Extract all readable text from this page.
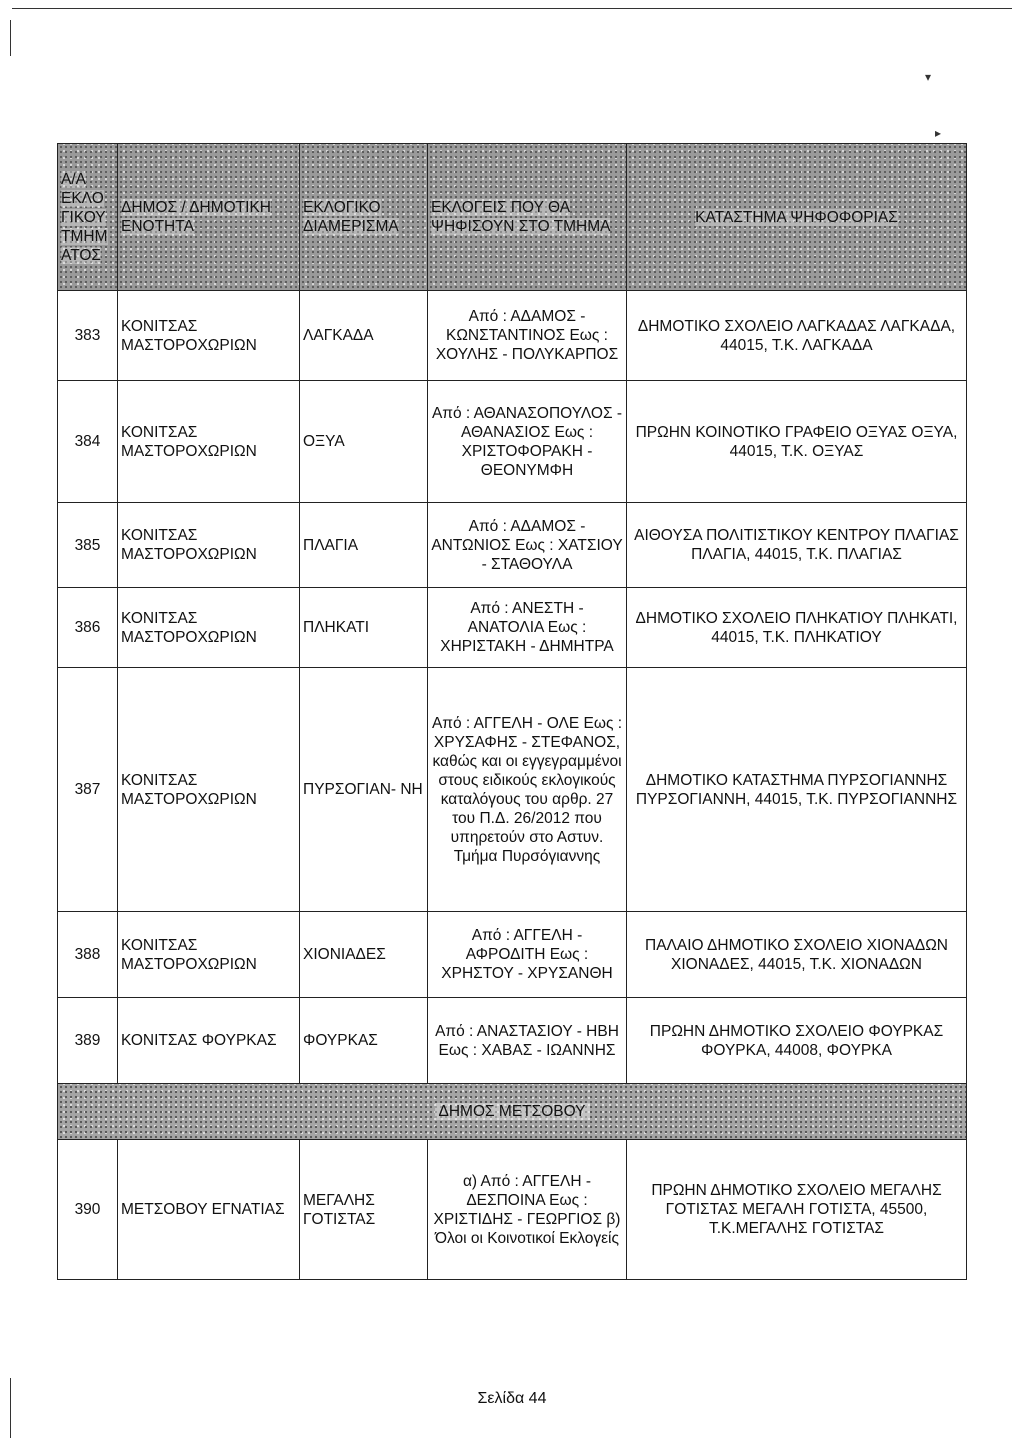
▾
▸
Α/Α ΕΚΛΟ ΓΙΚΟΥ ΤΜΗΜ ΑΤΟΣ	ΔΗΜΟΣ / ΔΗΜΟΤΙΚΗ ΕΝΟΤΗΤΑ	ΕΚΛΟΓΙΚΟ ΔΙΑΜΕΡΙΣΜΑ	ΕΚΛΟΓΕΙΣ ΠΟΥ ΘΑ ΨΗΦΙΣΟΥΝ ΣΤΟ ΤΜΗΜΑ	ΚΑΤΑΣΤΗΜΑ ΨΗΦΟΦΟΡΙΑΣ
383	ΚΟΝΙΤΣΑΣ ΜΑΣΤΟΡΟΧΩΡΙΩΝ	ΛΑΓΚΑΔΑ	Από : ΑΔΑΜΟΣ - ΚΩΝΣΤΑΝΤΙΝΟΣ Εως : ΧΟΥΛΗΣ - ΠΟΛΥΚΑΡΠΟΣ	ΔΗΜΟΤΙΚΟ ΣΧΟΛΕΙΟ ΛΑΓΚΑΔΑΣ ΛΑΓΚΑΔΑ, 44015, Τ.Κ. ΛΑΓΚΑΔΑ
384	ΚΟΝΙΤΣΑΣ ΜΑΣΤΟΡΟΧΩΡΙΩΝ	ΟΞΥΑ	Από : ΑΘΑΝΑΣΟΠΟΥΛΟΣ - ΑΘΑΝΑΣΙΟΣ Εως : ΧΡΙΣΤΟΦΟΡΑΚΗ - ΘΕΟΝΥΜΦΗ	ΠΡΩΗΝ ΚΟΙΝΟΤΙΚΟ ΓΡΑΦΕΙΟ ΟΞΥΑΣ ΟΞΥΑ, 44015, Τ.Κ. ΟΞΥΑΣ
385	ΚΟΝΙΤΣΑΣ ΜΑΣΤΟΡΟΧΩΡΙΩΝ	ΠΛΑΓΙΑ	Από : ΑΔΑΜΟΣ - ΑΝΤΩΝΙΟΣ Εως : ΧΑΤΣΙΟΥ - ΣΤΑΘΟΥΛΑ	ΑΙΘΟΥΣΑ ΠΟΛΙΤΙΣΤΙΚΟΥ ΚΕΝΤΡΟΥ ΠΛΑΓΙΑΣ ΠΛΑΓΙΑ, 44015, Τ.Κ. ΠΛΑΓΙΑΣ
386	ΚΟΝΙΤΣΑΣ ΜΑΣΤΟΡΟΧΩΡΙΩΝ	ΠΛΗΚΑΤΙ	Από : ΑΝΕΣΤΗ - ΑΝΑΤΟΛΙΑ Εως : ΧΗΡΙΣΤΑΚΗ - ΔΗΜΗΤΡΑ	ΔΗΜΟΤΙΚΟ ΣΧΟΛΕΙΟ ΠΛΗΚΑΤΙΟΥ ΠΛΗΚΑΤΙ, 44015, Τ.Κ. ΠΛΗΚΑΤΙΟΥ
387	ΚΟΝΙΤΣΑΣ ΜΑΣΤΟΡΟΧΩΡΙΩΝ	ΠΥΡΣΟΓΙΑΝ- ΝΗ	Από : ΑΓΓΕΛΗ - ΟΛΕ Εως : ΧΡΥΣΑΦΗΣ - ΣΤΕΦΑΝΟΣ, καθώς και οι εγγεγραμμένοι στους ειδικούς εκλογικούς καταλόγους του αρθρ. 27 του Π.Δ. 26/2012 που υπηρετούν στο Αστυν. Τμήμα Πυρσόγιαννης	ΔΗΜΟΤΙΚΟ ΚΑΤΑΣΤΗΜΑ ΠΥΡΣΟΓΙΑΝΝΗΣ ΠΥΡΣΟΓΙΑΝΝΗ, 44015, Τ.Κ. ΠΥΡΣΟΓΙΑΝΝΗΣ
388	ΚΟΝΙΤΣΑΣ ΜΑΣΤΟΡΟΧΩΡΙΩΝ	ΧΙΟΝΙΑΔΕΣ	Από : ΑΓΓΕΛΗ - ΑΦΡΟΔΙΤΗ Εως : ΧΡΗΣΤΟΥ - ΧΡΥΣΑΝΘΗ	ΠΑΛΑΙΟ ΔΗΜΟΤΙΚΟ ΣΧΟΛΕΙΟ ΧΙΟΝΑΔΩΝ ΧΙΟΝΑΔΕΣ, 44015, Τ.Κ. ΧΙΟΝΑΔΩΝ
389	ΚΟΝΙΤΣΑΣ ΦΟΥΡΚΑΣ	ΦΟΥΡΚΑΣ	Από : ΑΝΑΣΤΑΣΙΟΥ - ΗΒΗ Εως : ΧΑΒΑΣ - ΙΩΑΝΝΗΣ	ΠΡΩΗΝ ΔΗΜΟΤΙΚΟ ΣΧΟΛΕΙΟ ΦΟΥΡΚΑΣ ΦΟΥΡΚΑ, 44008, ΦΟΥΡΚΑ
ΔΗΜΟΣ ΜΕΤΣΟΒΟΥ				
390	ΜΕΤΣΟΒΟΥ ΕΓΝΑΤΙΑΣ	ΜΕΓΑΛΗΣ ΓΟΤΙΣΤΑΣ	α) Από : ΑΓΓΕΛΗ - ΔΕΣΠΟΙΝΑ Εως : ΧΡΙΣΤΙΔΗΣ - ΓΕΩΡΓΙΟΣ β) Όλοι οι Κοινοτικοί Εκλογείς	ΠΡΩΗΝ ΔΗΜΟΤΙΚΟ ΣΧΟΛΕΙΟ ΜΕΓΑΛΗΣ ΓΟΤΙΣΤΑΣ ΜΕΓΑΛΗ ΓΟΤΙΣΤΑ, 45500, Τ.Κ.ΜΕΓΑΛΗΣ ΓΟΤΙΣΤΑΣ
Σελίδα 44
